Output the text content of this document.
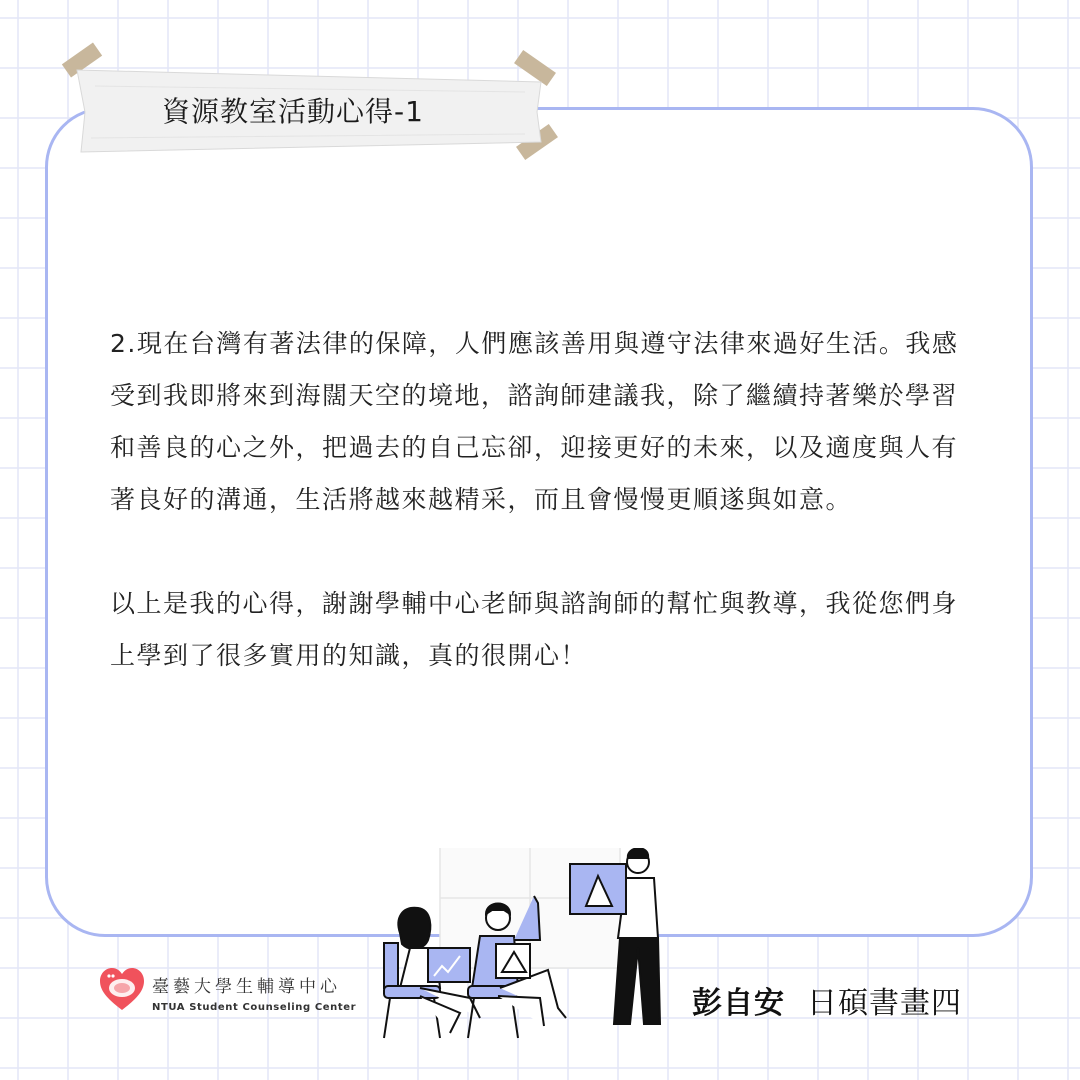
資源教室活動心得-1

2.現在台灣有著法律的保障，人們應該善用與遵守法律來過好生活。我感受到我即將來到海闊天空的境地，諮詢師建議我，除了繼續持著樂於學習和善良的心之外，把過去的自己忘卻，迎接更好的未來，以及適度與人有著良好的溝通，生活將越來越精采，而且會慢慢更順遂與如意。

以上是我的心得，謝謝學輔中心老師與諮詢師的幫忙與教導，我從您們身上學到了很多實用的知識，真的很開心！

臺藝大學生輔導中心
NTUA Student Counseling Center	彭自安 日碩書畫四
